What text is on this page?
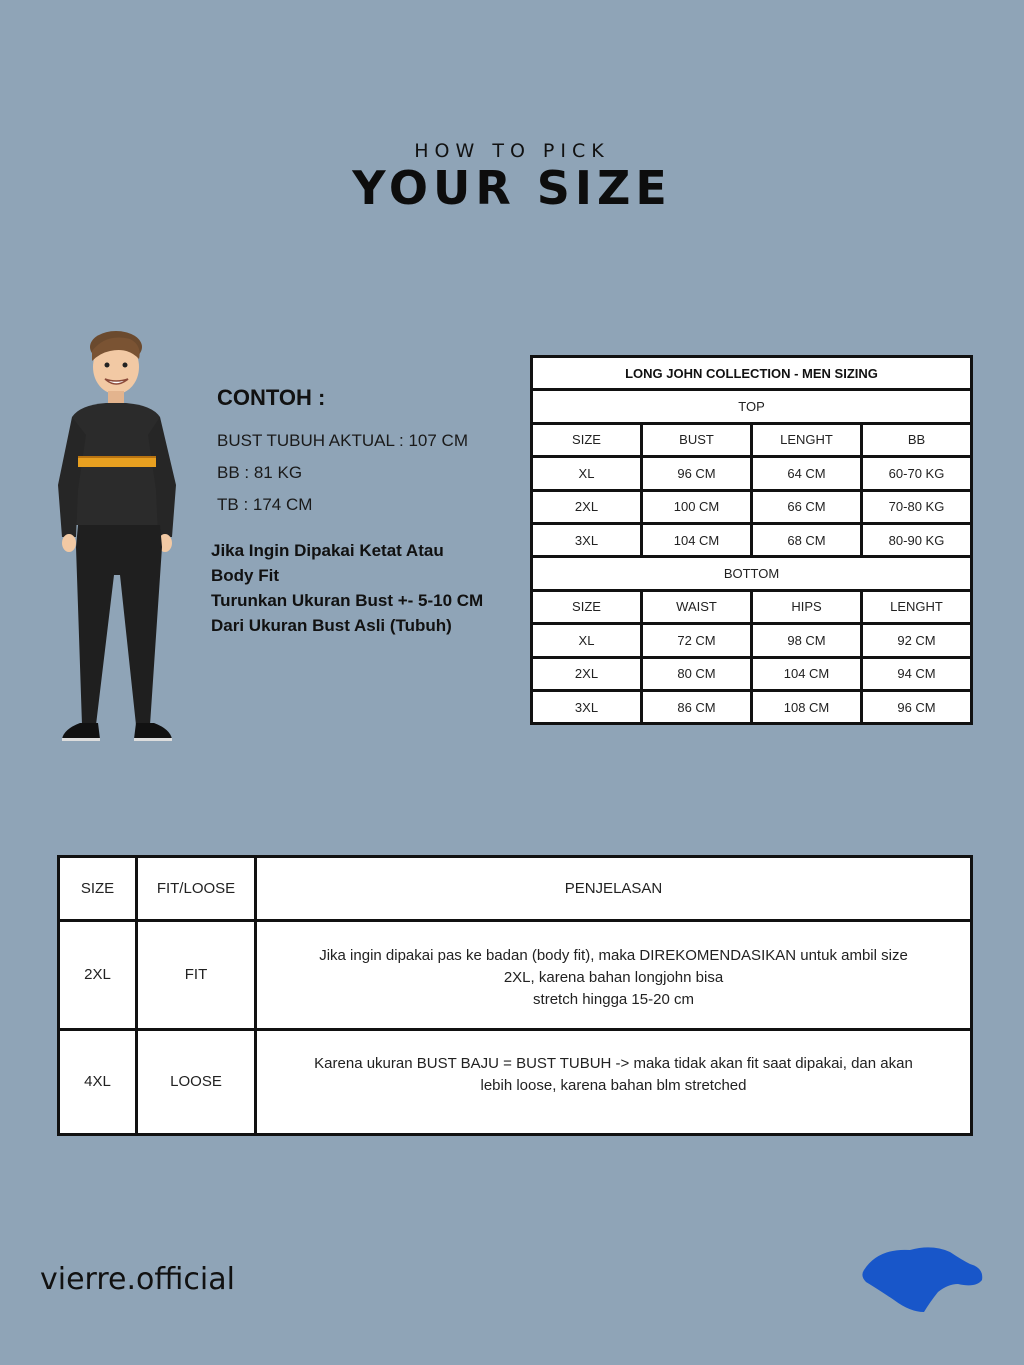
HOW TO PICK
YOUR SIZE
CONTOH :
BUST TUBUH AKTUAL : 107 CM
BB : 81 KG
TB : 174 CM
Jika Ingin Dipakai Ketat Atau
Body Fit
Turunkan Ukuran Bust +- 5-10 CM
Dari Ukuran Bust Asli (Tubuh)
LONG JOHN COLLECTION - MEN SIZING			
TOP			
SIZE	BUST	LENGHT	BB
XL	96 CM	64 CM	60-70 KG
2XL	100 CM	66 CM	70-80 KG
3XL	104 CM	68 CM	80-90 KG
BOTTOM			
SIZE	WAIST	HIPS	LENGHT
XL	72 CM	98 CM	92 CM
2XL	80 CM	104 CM	94 CM
3XL	86 CM	108 CM	96 CM
SIZE	FIT/LOOSE	PENJELASAN
2XL	FIT	Jika ingin dipakai pas ke badan (body fit), maka DIREKOMENDASIKAN untuk ambil size
2XL, karena bahan longjohn bisa
stretch hingga 15-20 cm

4XL	LOOSE	Karena ukuran BUST BAJU = BUST TUBUH -> maka tidak akan fit saat dipakai, dan akan
lebih loose, karena bahan blm stretched
vierre.official
